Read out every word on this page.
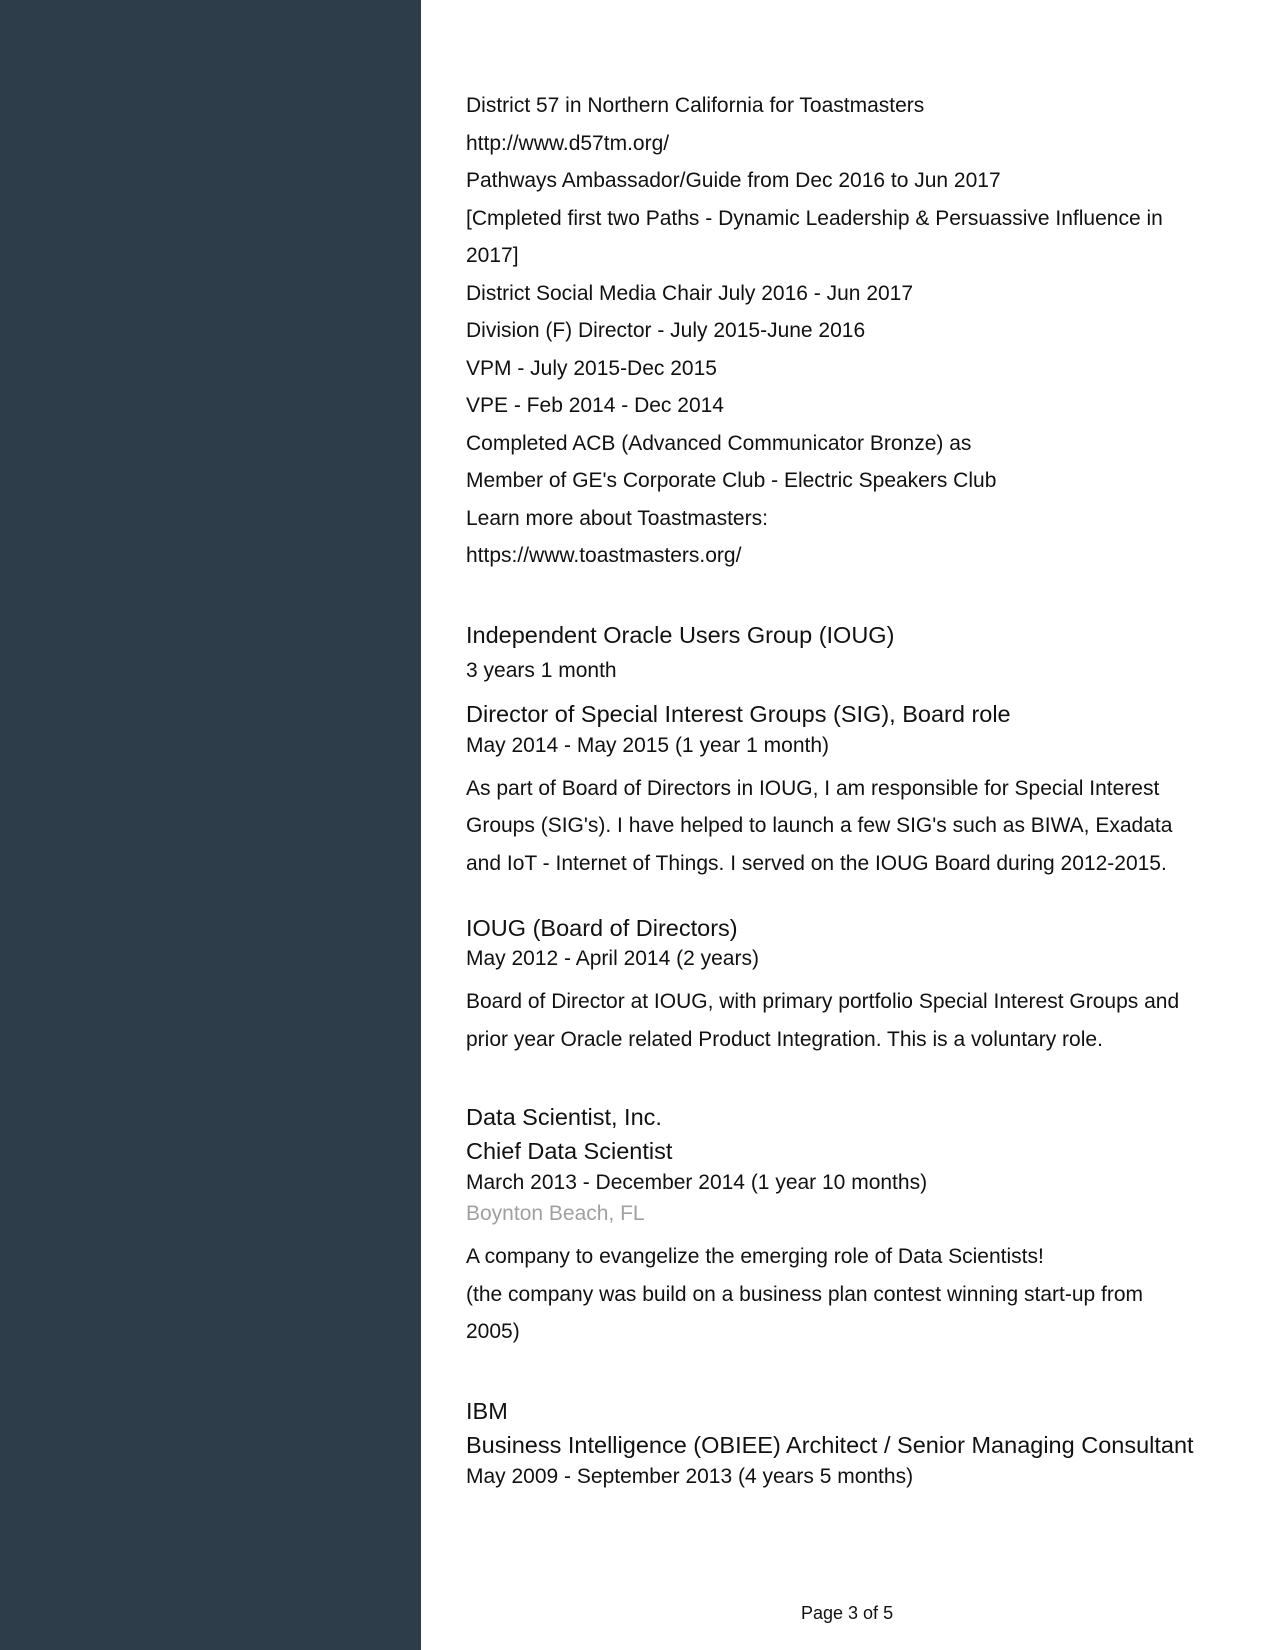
District 57 in Northern California for Toastmasters
http://www.d57tm.org/
Pathways Ambassador/Guide from Dec 2016 to Jun 2017
[Cmpleted first two Paths - Dynamic Leadership & Persuassive Influence in
2017]
District Social Media Chair July 2016 - Jun 2017
Division (F) Director - July 2015-June 2016
VPM - July 2015-Dec 2015
VPE - Feb 2014 - Dec 2014
Completed ACB (Advanced Communicator Bronze) as
Member of GE's Corporate Club - Electric Speakers Club
Learn more about Toastmasters:
https://www.toastmasters.org/
Independent Oracle Users Group (IOUG)
3 years 1 month
Director of Special Interest Groups (SIG), Board role
May 2014 - May 2015 (1 year 1 month)
As part of Board of Directors in IOUG, I am responsible for Special Interest
Groups (SIG's). I have helped to launch a few SIG's such as BIWA, Exadata
and IoT - Internet of Things. I served on the IOUG Board during 2012-2015.
IOUG (Board of Directors)
May 2012 - April 2014 (2 years)
Board of Director at IOUG, with primary portfolio Special Interest Groups and
prior year Oracle related Product Integration. This is a voluntary role.
Data Scientist, Inc.
Chief Data Scientist
March 2013 - December 2014 (1 year 10 months)
Boynton Beach, FL
A company to evangelize the emerging role of Data Scientists!
(the company was build on a business plan contest winning start-up from
2005)
IBM
Business Intelligence (OBIEE) Architect / Senior Managing Consultant
May 2009 - September 2013 (4 years 5 months)
Page 3 of 5
